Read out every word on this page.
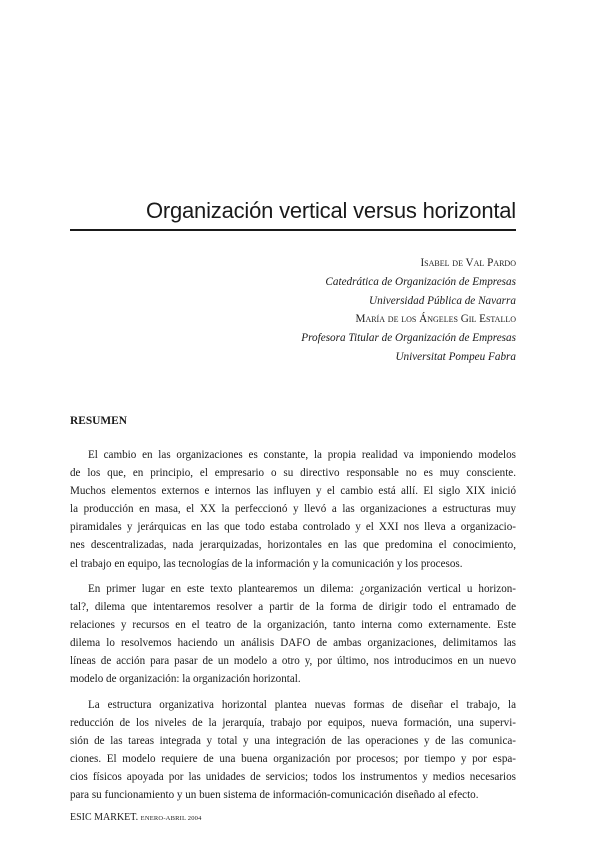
Organización vertical versus horizontal
Isabel de Val Pardo
Catedrática de Organización de Empresas
Universidad Pública de Navarra
María de los Ángeles Gil Estallo
Profesora Titular de Organización de Empresas
Universitat Pompeu Fabra
RESUMEN

El cambio en las organizaciones es constante, la propia realidad va imponiendo modelos
de los que, en principio, el empresario o su directivo responsable no es muy consciente.
Muchos elementos externos e internos las influyen y el cambio está allí. El siglo XIX inició
la producción en masa, el XX la perfeccionó y llevó a las organizaciones a estructuras muy
piramidales y jerárquicas en las que todo estaba controlado y el XXI nos lleva a organizacio-
nes descentralizadas, nada jerarquizadas, horizontales en las que predomina el conocimiento,
el trabajo en equipo, las tecnologías de la información y la comunicación y los procesos.

En primer lugar en este texto plantearemos un dilema: ¿organización vertical u horizon-
tal?, dilema que intentaremos resolver a partir de la forma de dirigir todo el entramado de
relaciones y recursos en el teatro de la organización, tanto interna como externamente. Este
dilema lo resolvemos haciendo un análisis DAFO de ambas organizaciones, delimitamos las
líneas de acción para pasar de un modelo a otro y, por último, nos introducimos en un nuevo
modelo de organización: la organización horizontal.

La estructura organizativa horizontal plantea nuevas formas de diseñar el trabajo, la
reducción de los niveles de la jerarquía, trabajo por equipos, nueva formación, una supervi-
sión de las tareas integrada y total y una integración de las operaciones y de las comunica-
ciones. El modelo requiere de una buena organización por procesos; por tiempo y por espa-
cios físicos apoyada por las unidades de servicios; todos los instrumentos y medios necesarios
para su funcionamiento y un buen sistema de información-comunicación diseñado al efecto.

ESIC MARKET. ENERO-ABRIL 2004
